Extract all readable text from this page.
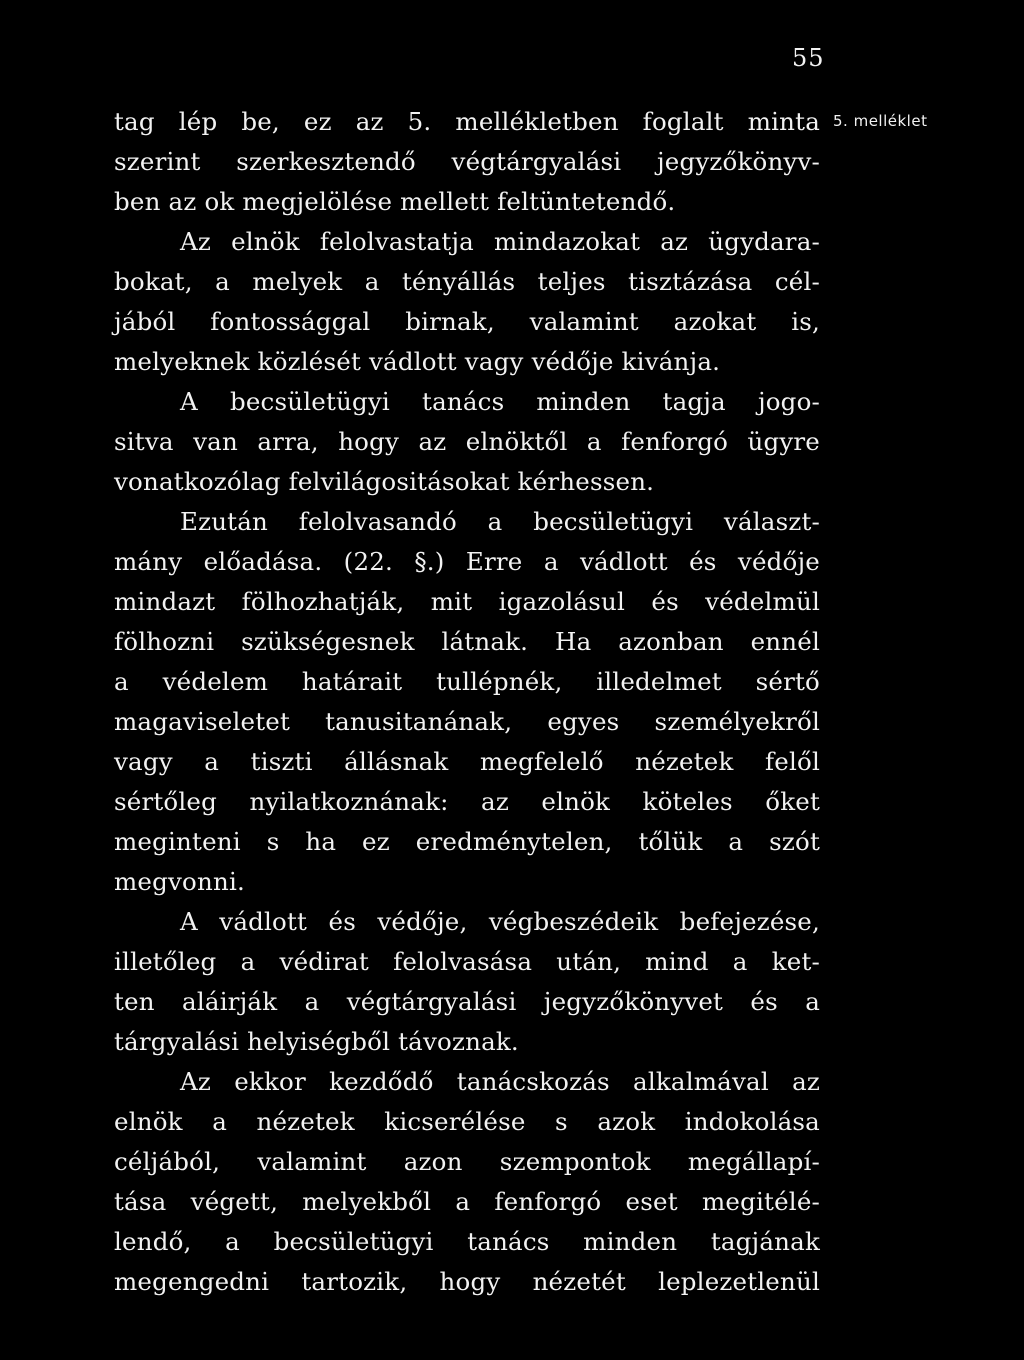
55
5. melléklet
tag lép be, ez az 5. mellékletben foglalt minta
szerint szerkesztendő végtárgyalási jegyzőkönyv-
ben az ok megjelölése mellett feltüntetendő.
Az elnök felolvastatja mindazokat az ügydara-
bokat, a melyek a tényállás teljes tisztázása cél-
jából fontossággal birnak, valamint azokat is,
melyeknek közlését vádlott vagy védője kivánja.
A becsületügyi tanács minden tagja jogo-
sitva van arra, hogy az elnöktől a fenforgó ügyre
vonatkozólag felvilágositásokat kérhessen.
Ezután felolvasandó a becsületügyi választ-
mány előadása. (22. §.) Erre a vádlott és védője
mindazt fölhozhatják, mit igazolásul és védelmül
fölhozni szükségesnek látnak. Ha azonban ennél
a védelem határait tullépnék, illedelmet sértő
magaviseletet tanusitanának, egyes személyekről
vagy a tiszti állásnak megfelelő nézetek felől
sértőleg nyilatkoznának: az elnök köteles őket
meginteni s ha ez eredménytelen, tőlük a szót
megvonni.
A vádlott és védője, végbeszédeik befejezése,
illetőleg a védirat felolvasása után, mind a ket-
ten aláirják a végtárgyalási jegyzőkönyvet és a
tárgyalási helyiségből távoznak.
Az ekkor kezdődő tanácskozás alkalmával az
elnök a nézetek kicserélése s azok indokolása
céljából, valamint azon szempontok megállapí-
tása végett, melyekből a fenforgó eset megitélé-
lendő, a becsületügyi tanács minden tagjának
megengedni tartozik, hogy nézetét leplezetlenül
